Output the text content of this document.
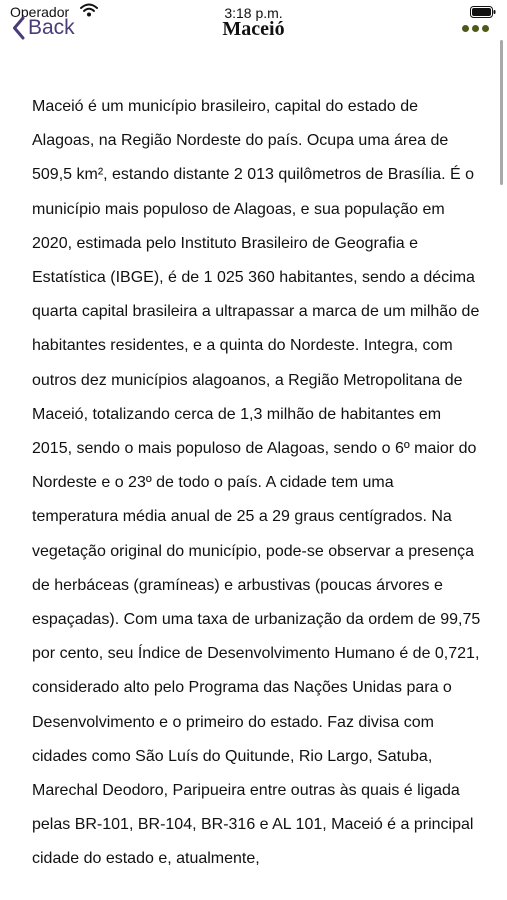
Operador	3:18 p.m.
Back	Maceió

Maceió é um município brasileiro, capital do estado de Alagoas, na Região Nordeste do país. Ocupa uma área de 509,5 km², estando distante 2 013 quilômetros de Brasília. É o município mais populoso de Alagoas, e sua população em 2020, estimada pelo Instituto Brasileiro de Geografia e Estatística (IBGE), é de 1 025 360 habitantes, sendo a décima quarta capital brasileira a ultrapassar a marca de um milhão de habitantes residentes, e a quinta do Nordeste. Integra, com outros dez municípios alagoanos, a Região Metropolitana de Maceió, totalizando cerca de 1,3 milhão de habitantes em 2015, sendo o mais populoso de Alagoas, sendo o 6º maior do Nordeste e o 23º de todo o país. A cidade tem uma temperatura média anual de 25 a 29 graus centígrados. Na vegetação original do município, pode-se observar a presença de herbáceas (gramíneas) e arbustivas (poucas árvores e espaçadas). Com uma taxa de urbanização da ordem de 99,75 por cento, seu Índice de Desenvolvimento Humano é de 0,721, considerado alto pelo Programa das Nações Unidas para o Desenvolvimento e o primeiro do estado. Faz divisa com cidades como São Luís do Quitunde, Rio Largo, Satuba, Marechal Deodoro, Paripueira entre outras às quais é ligada pelas BR-101, BR-104, BR-316 e AL 101, Maceió é a principal cidade do estado e, atualmente,
